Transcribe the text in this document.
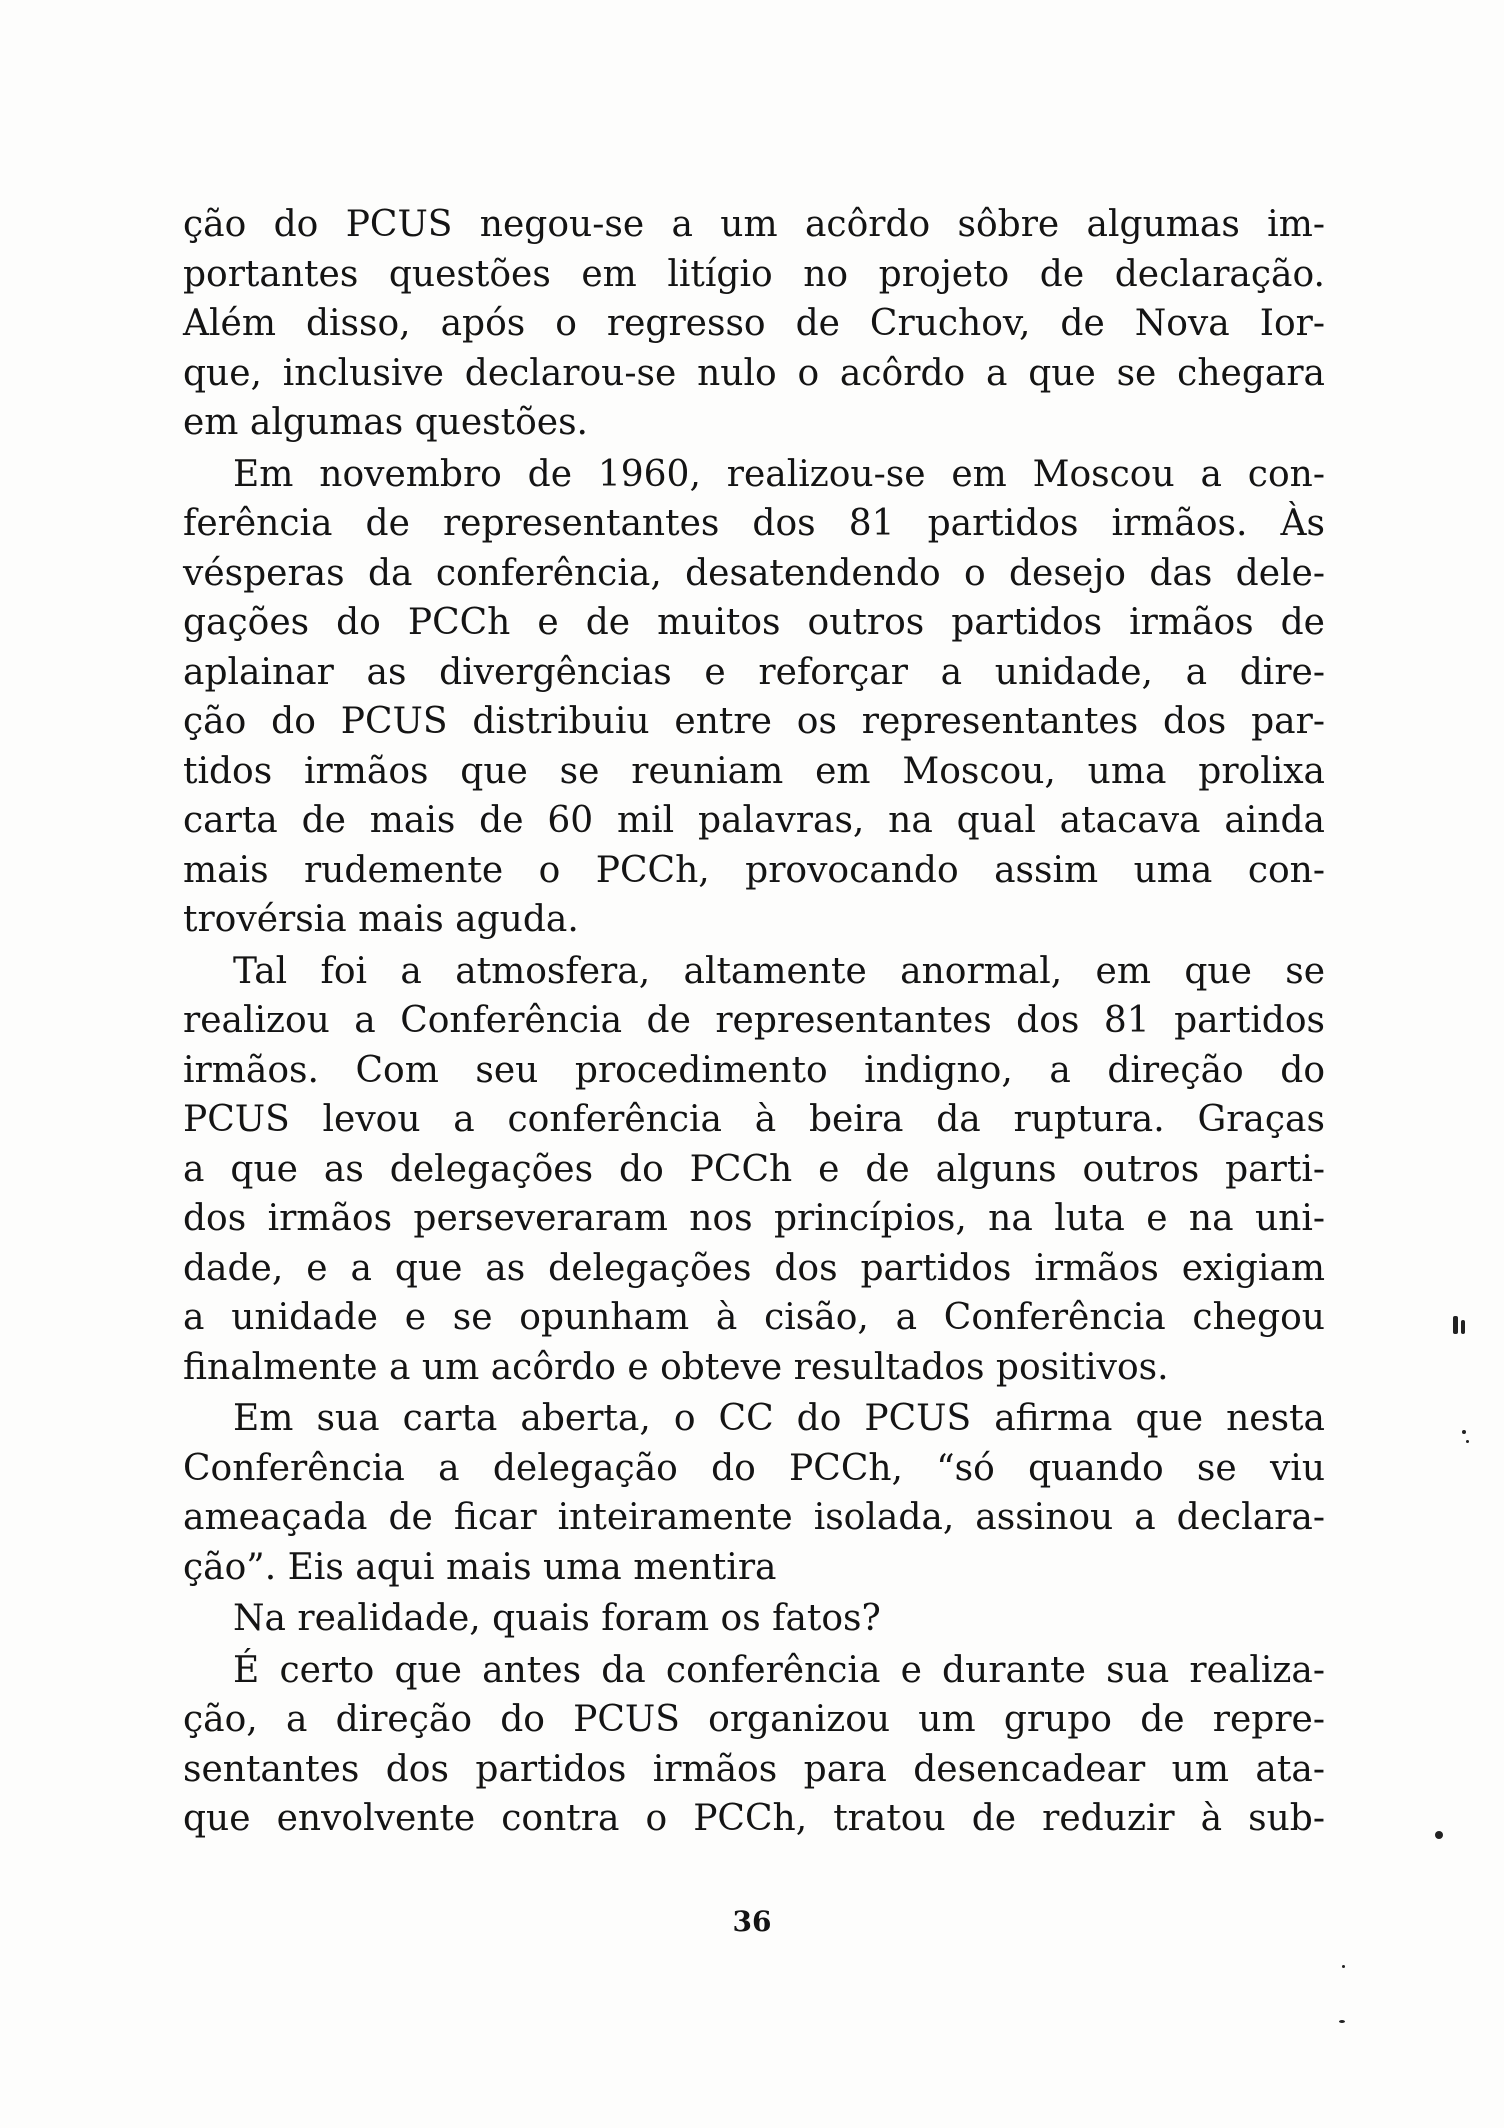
ção do PCUS negou-se a um acôrdo sôbre algumas im-
portantes questões em litígio no projeto de declaração.
Além disso, após o regresso de Cruchov, de Nova Ior-
que, inclusive declarou-se nulo o acôrdo a que se chegara
em algumas questões.
Em novembro de 1960, realizou-se em Moscou a con-
ferência de representantes dos 81 partidos irmãos. Às
vésperas da conferência, desatendendo o desejo das dele-
gações do PCCh e de muitos outros partidos irmãos de
aplainar as divergências e reforçar a unidade, a dire-
ção do PCUS distribuiu entre os representantes dos par-
tidos irmãos que se reuniam em Moscou, uma prolixa
carta de mais de 60 mil palavras, na qual atacava ainda
mais rudemente o PCCh, provocando assim uma con-
trovérsia mais aguda.
Tal foi a atmosfera, altamente anormal, em que se
realizou a Conferência de representantes dos 81 partidos
irmãos. Com seu procedimento indigno, a direção do
PCUS levou a conferência à beira da ruptura. Graças
a que as delegações do PCCh e de alguns outros parti-
dos irmãos perseveraram nos princípios, na luta e na uni-
dade, e a que as delegações dos partidos irmãos exigiam
a unidade e se opunham à cisão, a Conferência chegou
finalmente a um acôrdo e obteve resultados positivos.
Em sua carta aberta, o CC do PCUS afirma que nesta
Conferência a delegação do PCCh, “só quando se viu
ameaçada de ficar inteiramente isolada, assinou a declara-
ção”. Eis aqui mais uma mentira
Na realidade, quais foram os fatos?
É certo que antes da conferência e durante sua realiza-
ção, a direção do PCUS organizou um grupo de repre-
sentantes dos partidos irmãos para desencadear um ata-
que envolvente contra o PCCh, tratou de reduzir à sub-
36
